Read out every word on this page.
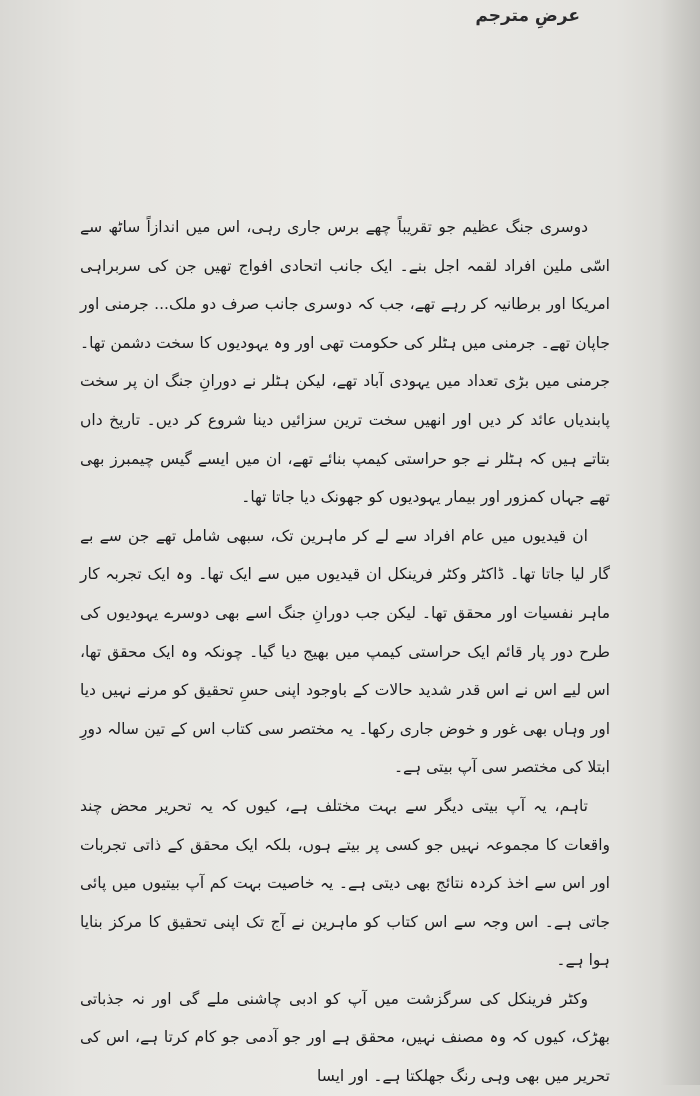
عرضِ مترجم

دوسری جنگ عظیم جو تقریباً چھے برس جاری رہی، اس میں اندازاً ساٹھ سے اسّی ملین افراد لقمہ اجل بنے۔ ایک جانب اتحادی افواج تھیں جن کی سربراہی امریکا اور برطانیہ کر رہے تھے، جب کہ دوسری جانب صرف دو ملک... جرمنی اور جاپان تھے۔ جرمنی میں ہٹلر کی حکومت تھی اور وہ یہودیوں کا سخت دشمن تھا۔ جرمنی میں بڑی تعداد میں یہودی آباد تھے، لیکن ہٹلر نے دورانِ جنگ ان پر سخت پابندیاں عائد کر دیں اور انھیں سخت ترین سزائیں دینا شروع کر دیں۔ تاریخ داں بتاتے ہیں کہ ہٹلر نے جو حراستی کیمپ بنائے تھے، ان میں ایسے گیس چیمبرز بھی تھے جہاں کمزور اور بیمار یہودیوں کو جھونک دیا جاتا تھا۔

ان قیدیوں میں عام افراد سے لے کر ماہرین تک، سبھی شامل تھے جن سے بے گار لیا جاتا تھا۔ ڈاکٹر وکٹر فرینکل ان قیدیوں میں سے ایک تھا۔ وہ ایک تجربہ کار ماہر نفسیات اور محقق تھا۔ لیکن جب دورانِ جنگ اسے بھی دوسرے یہودیوں کی طرح دور پار قائم ایک حراستی کیمپ میں بھیج دیا گیا۔ چونکہ وہ ایک محقق تھا، اس لیے اس نے اس قدر شدید حالات کے باوجود اپنی حسِ تحقیق کو مرنے نہیں دیا اور وہاں بھی غور و خوض جاری رکھا۔ یہ مختصر سی کتاب اس کے تین سالہ دورِ ابتلا کی مختصر سی آپ بیتی ہے۔

تاہم، یہ آپ بیتی دیگر سے بہت مختلف ہے، کیوں کہ یہ تحریر محض چند واقعات کا مجموعہ نہیں جو کسی پر بیتے ہوں، بلکہ ایک محقق کے ذاتی تجربات اور اس سے اخذ کردہ نتائج بھی دیتی ہے۔ یہ خاصیت بہت کم آپ بیتیوں میں پائی جاتی ہے۔ اس وجہ سے اس کتاب کو ماہرین نے آج تک اپنی تحقیق کا مرکز بنایا ہوا ہے۔

وکٹر فرینکل کی سرگزشت میں آپ کو ادبی چاشنی ملے گی اور نہ جذباتی بھڑک، کیوں کہ وہ مصنف نہیں، محقق ہے اور جو آدمی جو کام کرتا ہے، اس کی تحریر میں بھی وہی رنگ جھلکتا ہے۔ اور ایسا
